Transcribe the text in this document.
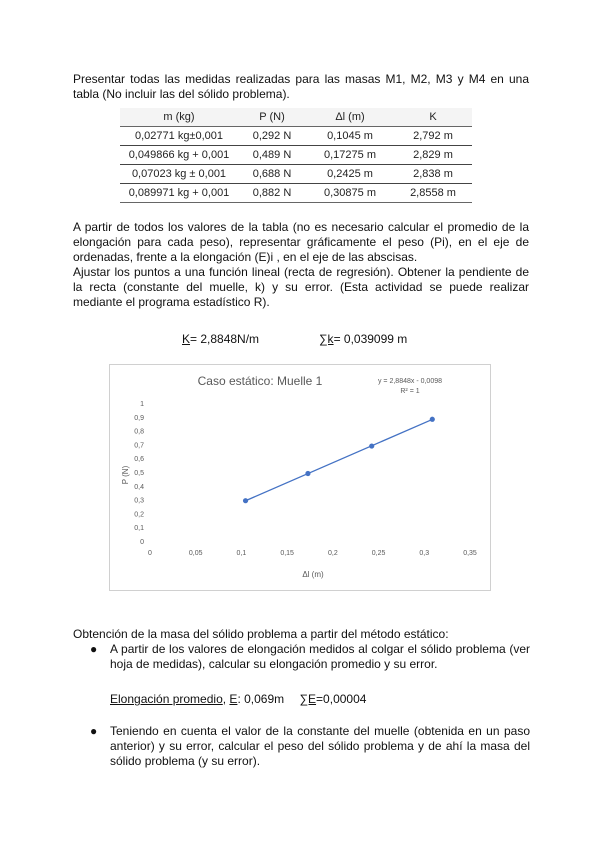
Presentar todas las medidas realizadas para las masas M1, M2, M3 y M4 en una tabla (No incluir las del sólido problema).

m (kg)	P (N)	Δl (m)	K
0,02771 kg±0,001	0,292 N	0,1045 m	2,792 m
0,049866 kg + 0,001	0,489 N	0,17275 m	2,829 m
0,07023 kg ± 0,001	0,688 N	0,2425 m	2,838 m
0,089971 kg + 0,001	0,882 N	0,30875 m	2,8558 m

A partir de todos los valores de la tabla (no es necesario calcular el promedio de la elongación para cada peso), representar gráficamente el peso (Pi), en el eje de ordenadas, frente a la elongación (E)i , en el eje de las abscisas.

Ajustar los puntos a una función lineal (recta de regresión). Obtener la pendiente de la recta (constante del muelle, k) y su error. (Esta actividad se puede realizar mediante el programa estadístico R).

K= 2,8848N/m	∑k= 0,039099 m
Caso estático: Muelle 1	y = 2,8848x - 0,0098
R² = 1
0
0,1
0,2
0,3
0,4
0,5
0,6
0,7
0,8
0,9
1
0	0,05	0,1	0,15	0,2	0,25	0,3	0,35
Δl (m)
P (N)
Obtención de la masa del sólido problema a partir del método estático:
● A partir de los valores de elongación medidos al colgar el sólido problema (ver hoja de medidas), calcular su elongación promedio y su error.

Elongación promedio, E: 0,069m ∑E=0,00004
● Teniendo en cuenta el valor de la constante del muelle (obtenida en un paso anterior) y su error, calcular el peso del sólido problema y de ahí la masa del sólido problema (y su error).
